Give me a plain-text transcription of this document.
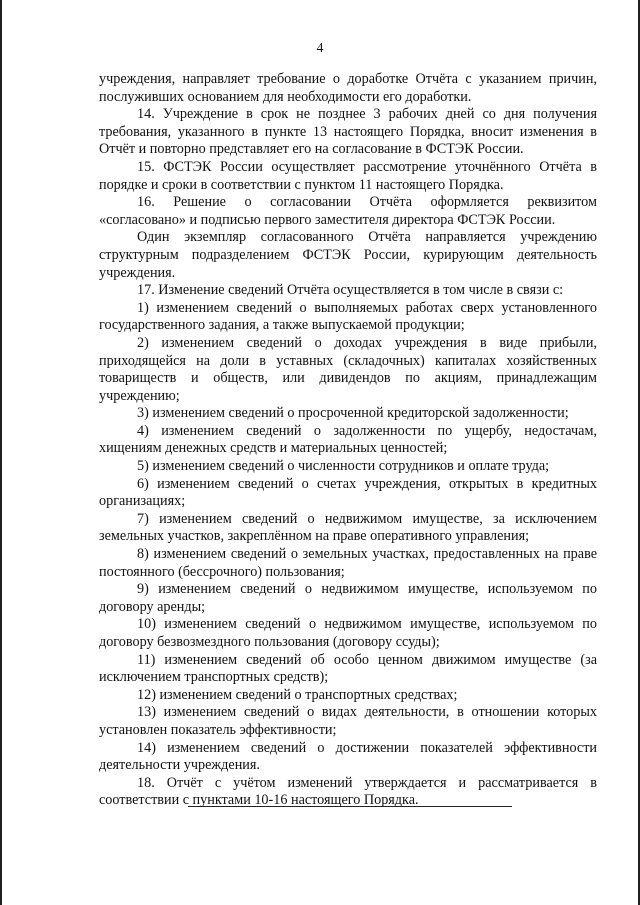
4

учреждения, направляет требование о доработке Отчёта с указанием причин, послуживших основанием для необходимости его доработки.

14. Учреждение в срок не позднее 3 рабочих дней со дня получения требования, указанного в пункте 13 настоящего Порядка, вносит изменения в Отчёт и повторно представляет его на согласование в ФСТЭК России.

15. ФСТЭК России осуществляет рассмотрение уточнённого Отчёта в порядке и сроки в соответствии с пунктом 11 настоящего Порядка.

16. Решение о согласовании Отчёта оформляется реквизитом «согласовано» и подписью первого заместителя директора ФСТЭК России.

Один экземпляр согласованного Отчёта направляется учреждению структурным подразделением ФСТЭК России, курирующим деятельность учреждения.

17. Изменение сведений Отчёта осуществляется в том числе в связи с:

1) изменением сведений о выполняемых работах сверх установленного государственного задания, а также выпускаемой продукции;

2) изменением сведений о доходах учреждения в виде прибыли, приходящейся на доли в уставных (складочных) капиталах хозяйственных товариществ и обществ, или дивидендов по акциям, принадлежащим учреждению;

3) изменением сведений о просроченной кредиторской задолженности;

4) изменением сведений о задолженности по ущербу, недостачам, хищениям денежных средств и материальных ценностей;

5) изменением сведений о численности сотрудников и оплате труда;

6) изменением сведений о счетах учреждения, открытых в кредитных организациях;

7) изменением сведений о недвижимом имуществе, за исключением земельных участков, закреплённом на праве оперативного управления;

8) изменением сведений о земельных участках, предоставленных на праве постоянного (бессрочного) пользования;

9) изменением сведений о недвижимом имуществе, используемом по договору аренды;

10) изменением сведений о недвижимом имуществе, используемом по договору безвозмездного пользования (договору ссуды);

11) изменением сведений об особо ценном движимом имуществе (за исключением транспортных средств);

12) изменением сведений о транспортных средствах;

13) изменением сведений о видах деятельности, в отношении которых установлен показатель эффективности;

14) изменением сведений о достижении показателей эффективности деятельности учреждения.

18. Отчёт с учётом изменений утверждается и рассматривается в соответствии с пунктами 10-16 настоящего Порядка.
